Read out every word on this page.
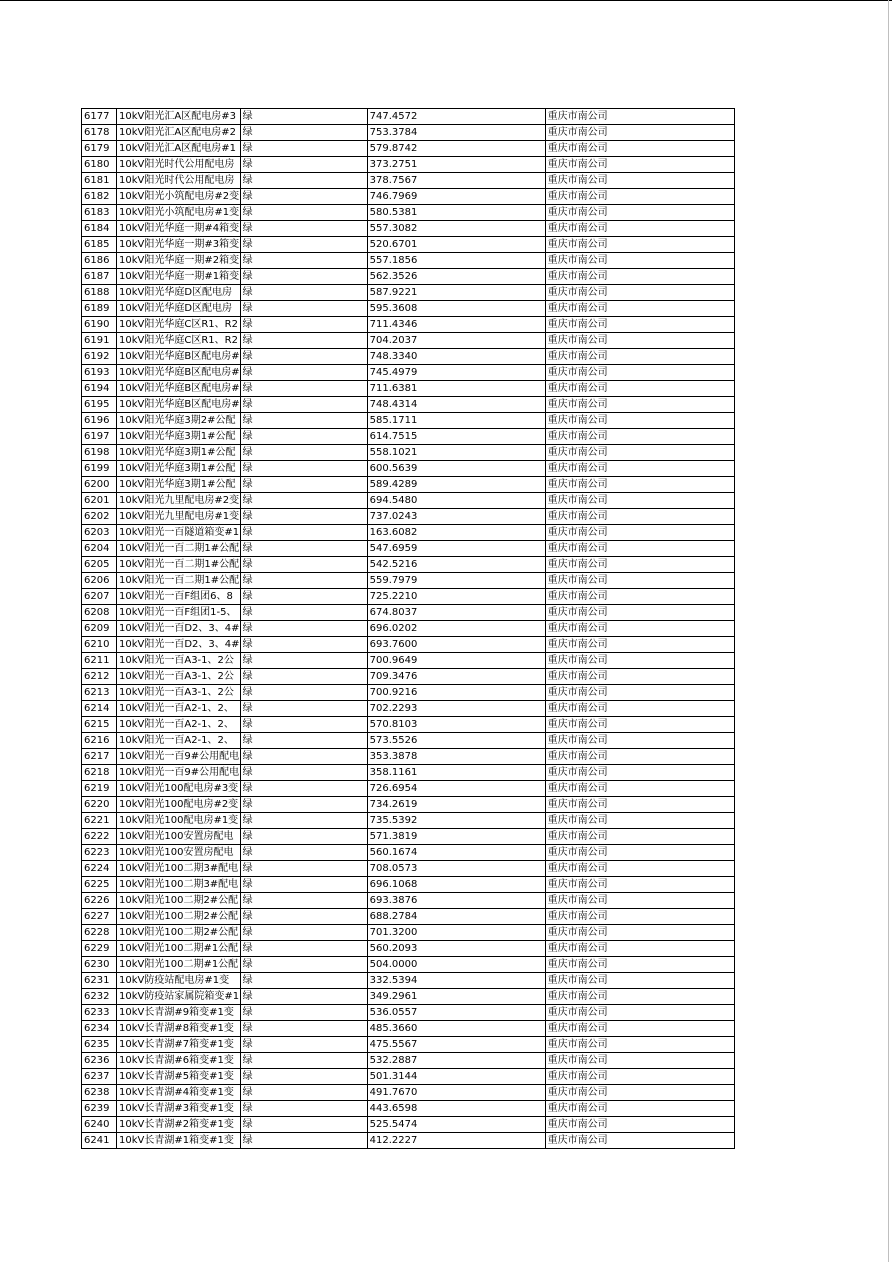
6177	10kV阳光汇A区配电房#3	绿	747.4572	重庆市南公司
6178	10kV阳光汇A区配电房#2	绿	753.3784	重庆市南公司
6179	10kV阳光汇A区配电房#1	绿	579.8742	重庆市南公司
6180	10kV阳光时代公用配电房	绿	373.2751	重庆市南公司
6181	10kV阳光时代公用配电房	绿	378.7567	重庆市南公司
6182	10kV阳光小筑配电房#2变	绿	746.7969	重庆市南公司
6183	10kV阳光小筑配电房#1变	绿	580.5381	重庆市南公司
6184	10kV阳光华庭一期#4箱变	绿	557.3082	重庆市南公司
6185	10kV阳光华庭一期#3箱变	绿	520.6701	重庆市南公司
6186	10kV阳光华庭一期#2箱变	绿	557.1856	重庆市南公司
6187	10kV阳光华庭一期#1箱变	绿	562.3526	重庆市南公司
6188	10kV阳光华庭D区配电房	绿	587.9221	重庆市南公司
6189	10kV阳光华庭D区配电房	绿	595.3608	重庆市南公司
6190	10kV阳光华庭C区R1、R2	绿	711.4346	重庆市南公司
6191	10kV阳光华庭C区R1、R2	绿	704.2037	重庆市南公司
6192	10kV阳光华庭B区配电房#	绿	748.3340	重庆市南公司
6193	10kV阳光华庭B区配电房#	绿	745.4979	重庆市南公司
6194	10kV阳光华庭B区配电房#	绿	711.6381	重庆市南公司
6195	10kV阳光华庭B区配电房#	绿	748.4314	重庆市南公司
6196	10kV阳光华庭3期2#公配	绿	585.1711	重庆市南公司
6197	10kV阳光华庭3期1#公配	绿	614.7515	重庆市南公司
6198	10kV阳光华庭3期1#公配	绿	558.1021	重庆市南公司
6199	10kV阳光华庭3期1#公配	绿	600.5639	重庆市南公司
6200	10kV阳光华庭3期1#公配	绿	589.4289	重庆市南公司
6201	10kV阳光九里配电房#2变	绿	694.5480	重庆市南公司
6202	10kV阳光九里配电房#1变	绿	737.0243	重庆市南公司
6203	10kV阳光一百隧道箱变#1	绿	163.6082	重庆市南公司
6204	10kV阳光一百二期1#公配	绿	547.6959	重庆市南公司
6205	10kV阳光一百二期1#公配	绿	542.5216	重庆市南公司
6206	10kV阳光一百二期1#公配	绿	559.7979	重庆市南公司
6207	10kV阳光一百F组团6、8	绿	725.2210	重庆市南公司
6208	10kV阳光一百F组团1-5、	绿	674.8037	重庆市南公司
6209	10kV阳光一百D2、3、4#	绿	696.0202	重庆市南公司
6210	10kV阳光一百D2、3、4#	绿	693.7600	重庆市南公司
6211	10kV阳光一百A3-1、2公	绿	700.9649	重庆市南公司
6212	10kV阳光一百A3-1、2公	绿	709.3476	重庆市南公司
6213	10kV阳光一百A3-1、2公	绿	700.9216	重庆市南公司
6214	10kV阳光一百A2-1、2、	绿	702.2293	重庆市南公司
6215	10kV阳光一百A2-1、2、	绿	570.8103	重庆市南公司
6216	10kV阳光一百A2-1、2、	绿	573.5526	重庆市南公司
6217	10kV阳光一百9#公用配电	绿	353.3878	重庆市南公司
6218	10kV阳光一百9#公用配电	绿	358.1161	重庆市南公司
6219	10kV阳光100配电房#3变	绿	726.6954	重庆市南公司
6220	10kV阳光100配电房#2变	绿	734.2619	重庆市南公司
6221	10kV阳光100配电房#1变	绿	735.5392	重庆市南公司
6222	10kV阳光100安置房配电	绿	571.3819	重庆市南公司
6223	10kV阳光100安置房配电	绿	560.1674	重庆市南公司
6224	10kV阳光100二期3#配电	绿	708.0573	重庆市南公司
6225	10kV阳光100二期3#配电	绿	696.1068	重庆市南公司
6226	10kV阳光100二期2#公配	绿	693.3876	重庆市南公司
6227	10kV阳光100二期2#公配	绿	688.2784	重庆市南公司
6228	10kV阳光100二期2#公配	绿	701.3200	重庆市南公司
6229	10kV阳光100二期#1公配	绿	560.2093	重庆市南公司
6230	10kV阳光100二期#1公配	绿	504.0000	重庆市南公司
6231	10kV防疫站配电房#1变	绿	332.5394	重庆市南公司
6232	10kV防疫站家属院箱变#1	绿	349.2961	重庆市南公司
6233	10kV长青湖#9箱变#1变	绿	536.0557	重庆市南公司
6234	10kV长青湖#8箱变#1变	绿	485.3660	重庆市南公司
6235	10kV长青湖#7箱变#1变	绿	475.5567	重庆市南公司
6236	10kV长青湖#6箱变#1变	绿	532.2887	重庆市南公司
6237	10kV长青湖#5箱变#1变	绿	501.3144	重庆市南公司
6238	10kV长青湖#4箱变#1变	绿	491.7670	重庆市南公司
6239	10kV长青湖#3箱变#1变	绿	443.6598	重庆市南公司
6240	10kV长青湖#2箱变#1变	绿	525.5474	重庆市南公司
6241	10kV长青湖#1箱变#1变	绿	412.2227	重庆市南公司
